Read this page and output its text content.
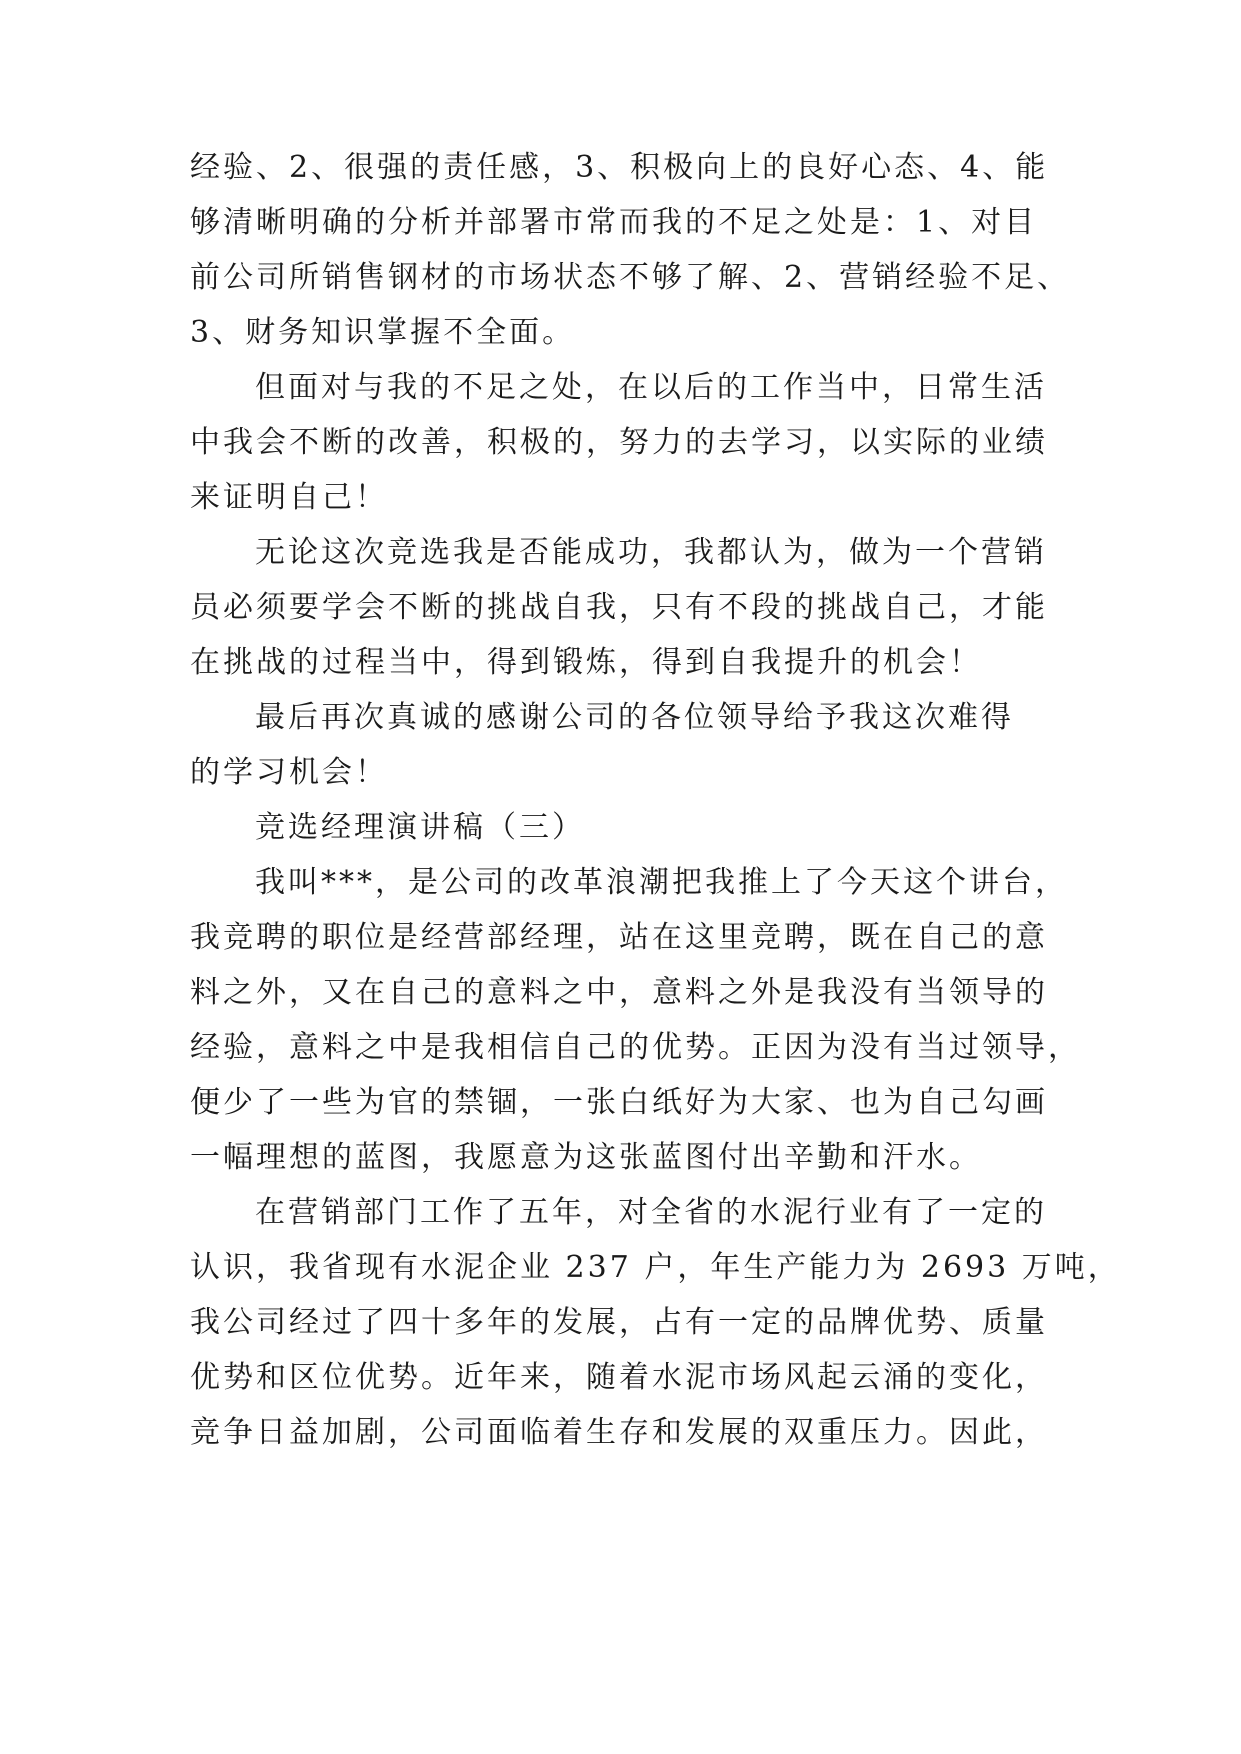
经验、2、很强的责任感，3、积极向上的良好心态、4、能
够清晰明确的分析并部署市常而我的不足之处是：1、对目
前公司所销售钢材的市场状态不够了解、2、营销经验不足、
3、财务知识掌握不全面。
但面对与我的不足之处，在以后的工作当中，日常生活
中我会不断的改善，积极的，努力的去学习，以实际的业绩
来证明自己！
无论这次竞选我是否能成功，我都认为，做为一个营销
员必须要学会不断的挑战自我，只有不段的挑战自己，才能
在挑战的过程当中，得到锻炼，得到自我提升的机会！
最后再次真诚的感谢公司的各位领导给予我这次难得
的学习机会！
竞选经理演讲稿（三）
我叫***，是公司的改革浪潮把我推上了今天这个讲台，
我竞聘的职位是经营部经理，站在这里竞聘，既在自己的意
料之外，又在自己的意料之中，意料之外是我没有当领导的
经验，意料之中是我相信自己的优势。正因为没有当过领导，
便少了一些为官的禁锢，一张白纸好为大家、也为自己勾画
一幅理想的蓝图，我愿意为这张蓝图付出辛勤和汗水。
在营销部门工作了五年，对全省的水泥行业有了一定的
认识，我省现有水泥企业 237 户，年生产能力为 2693 万吨，
我公司经过了四十多年的发展，占有一定的品牌优势、质量
优势和区位优势。近年来，随着水泥市场风起云涌的变化，
竞争日益加剧，公司面临着生存和发展的双重压力。因此，
